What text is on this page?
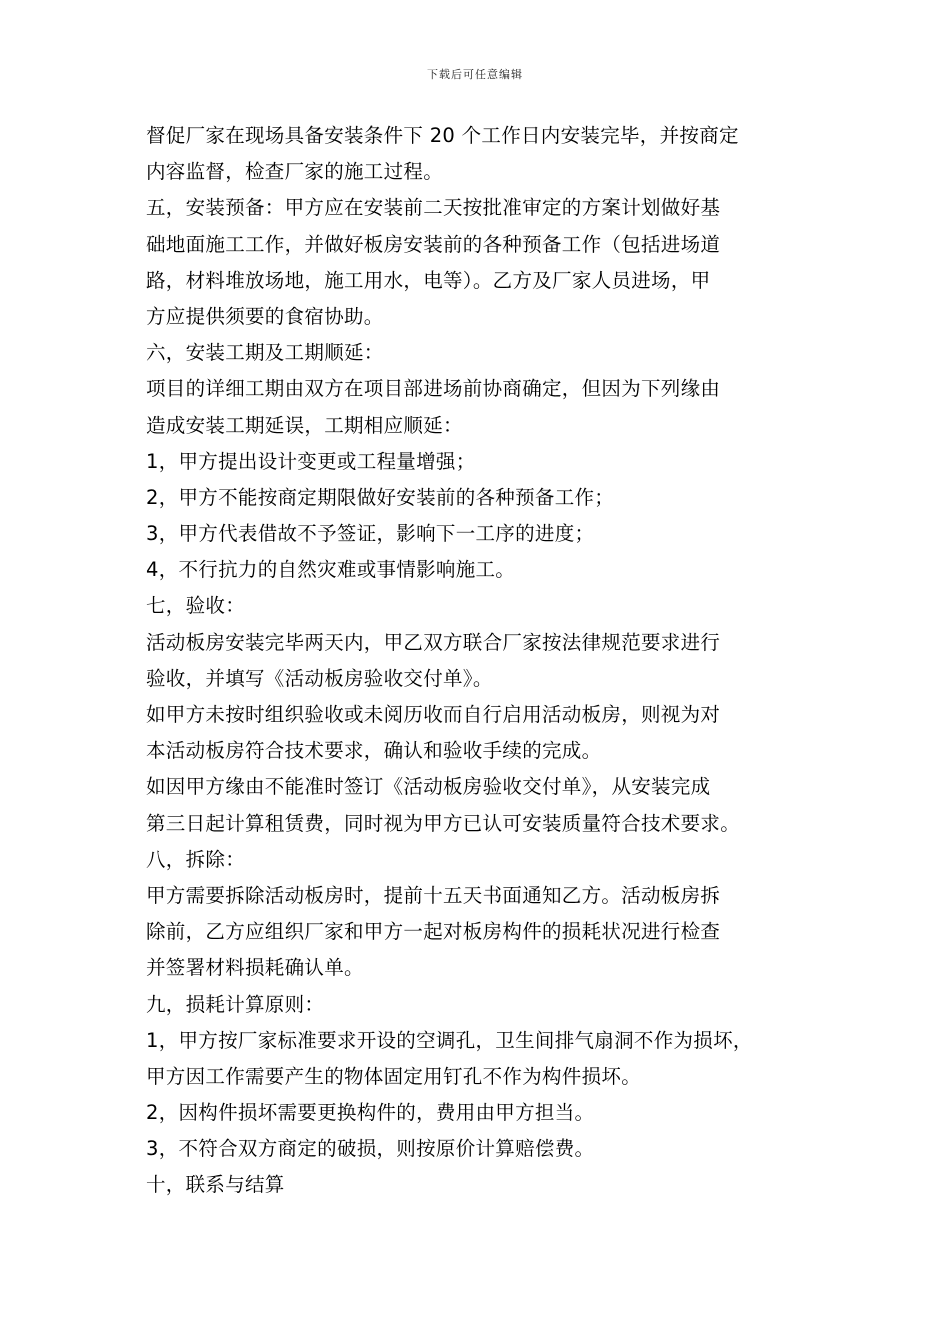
下载后可任意编辑
督促厂家在现场具备安装条件下 20 个工作日内安装完毕，并按商定
内容监督，检查厂家的施工过程。
五，安装预备：甲方应在安装前二天按批准审定的方案计划做好基
础地面施工工作，并做好板房安装前的各种预备工作（包括进场道
路，材料堆放场地，施工用水，电等）。乙方及厂家人员进场，甲
方应提供须要的食宿协助。
六，安装工期及工期顺延：
项目的详细工期由双方在项目部进场前协商确定，但因为下列缘由
造成安装工期延误，工期相应顺延：
1，甲方提出设计变更或工程量增强；
2，甲方不能按商定期限做好安装前的各种预备工作；
3，甲方代表借故不予签证，影响下一工序的进度；
4，不行抗力的自然灾难或事情影响施工。
七，验收：
活动板房安装完毕两天内，甲乙双方联合厂家按法律规范要求进行
验收，并填写《活动板房验收交付单》。
如甲方未按时组织验收或未阅历收而自行启用活动板房，则视为对
本活动板房符合技术要求，确认和验收手续的完成。
如因甲方缘由不能准时签订《活动板房验收交付单》，从安装完成
第三日起计算租赁费，同时视为甲方已认可安装质量符合技术要求。
八，拆除：
甲方需要拆除活动板房时，提前十五天书面通知乙方。活动板房拆
除前，乙方应组织厂家和甲方一起对板房构件的损耗状况进行检查
并签署材料损耗确认单。
九，损耗计算原则：
1，甲方按厂家标准要求开设的空调孔，卫生间排气扇洞不作为损坏，
甲方因工作需要产生的物体固定用钉孔不作为构件损坏。
2，因构件损坏需要更换构件的，费用由甲方担当。
3，不符合双方商定的破损，则按原价计算赔偿费。
十，联系与结算
